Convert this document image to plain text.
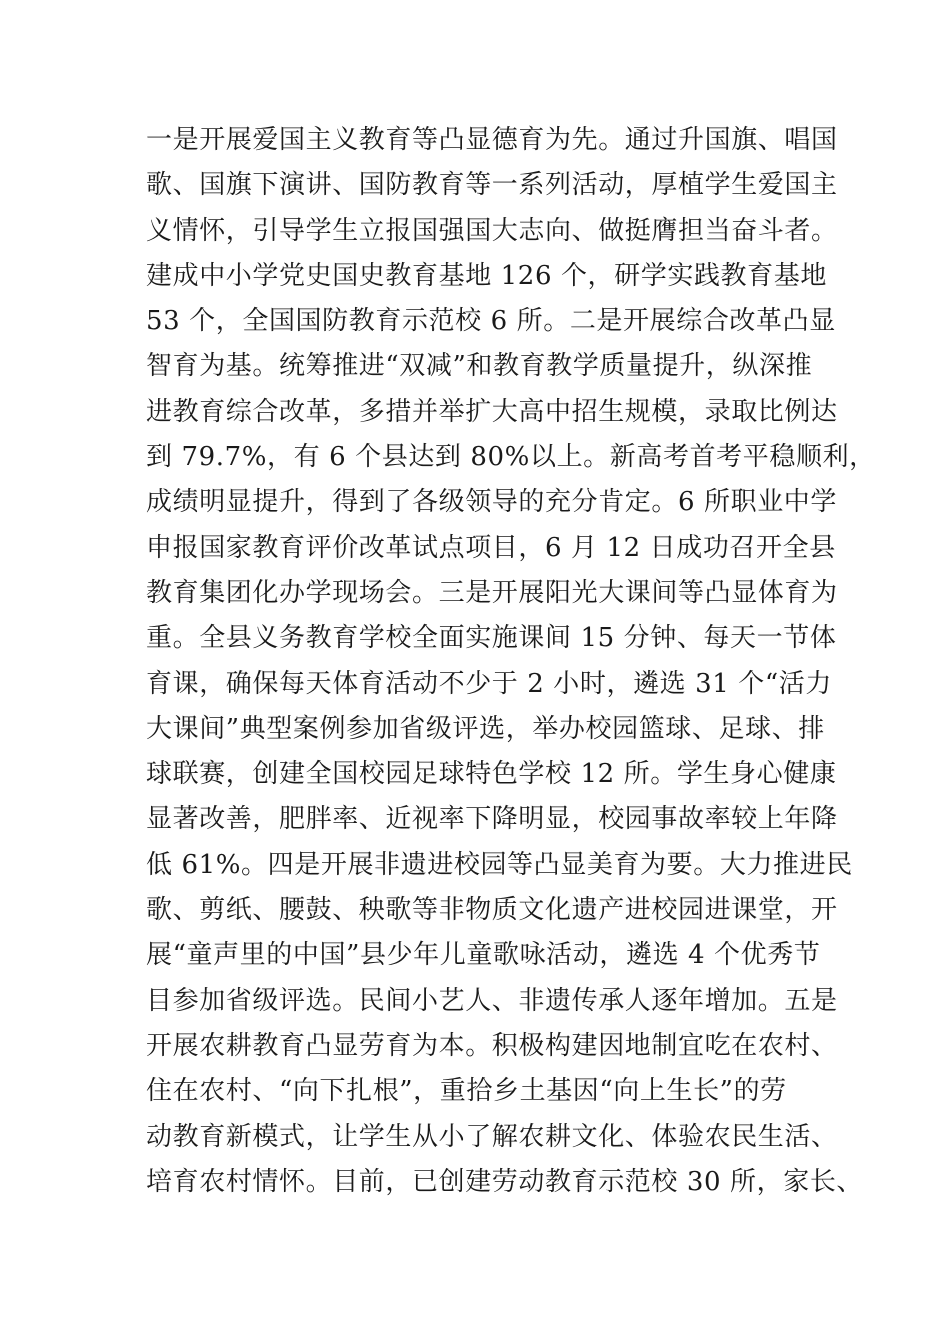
一是开展爱国主义教育等凸显德育为先。通过升国旗、唱国
歌、国旗下演讲、国防教育等一系列活动，厚植学生爱国主
义情怀，引导学生立报国强国大志向、做挺膺担当奋斗者。
建成中小学党史国史教育基地 126 个，研学实践教育基地
53 个，全国国防教育示范校 6 所。二是开展综合改革凸显
智育为基。统筹推进“双减”和教育教学质量提升，纵深推
进教育综合改革，多措并举扩大高中招生规模，录取比例达
到 79.7%，有 6 个县达到 80%以上。新高考首考平稳顺利，
成绩明显提升，得到了各级领导的充分肯定。6 所职业中学
申报国家教育评价改革试点项目，6 月 12 日成功召开全县
教育集团化办学现场会。三是开展阳光大课间等凸显体育为
重。全县义务教育学校全面实施课间 15 分钟、每天一节体
育课，确保每天体育活动不少于 2 小时，遴选 31 个“活力
大课间”典型案例参加省级评选，举办校园篮球、足球、排
球联赛，创建全国校园足球特色学校 12 所。学生身心健康
显著改善，肥胖率、近视率下降明显，校园事故率较上年降
低 61%。四是开展非遗进校园等凸显美育为要。大力推进民
歌、剪纸、腰鼓、秧歌等非物质文化遗产进校园进课堂，开
展“童声里的中国”县少年儿童歌咏活动，遴选 4 个优秀节
目参加省级评选。民间小艺人、非遗传承人逐年增加。五是
开展农耕教育凸显劳育为本。积极构建因地制宜吃在农村、
住在农村、“向下扎根”，重拾乡土基因“向上生长”的劳
动教育新模式，让学生从小了解农耕文化、体验农民生活、
培育农村情怀。目前，已创建劳动教育示范校 30 所，家长、
